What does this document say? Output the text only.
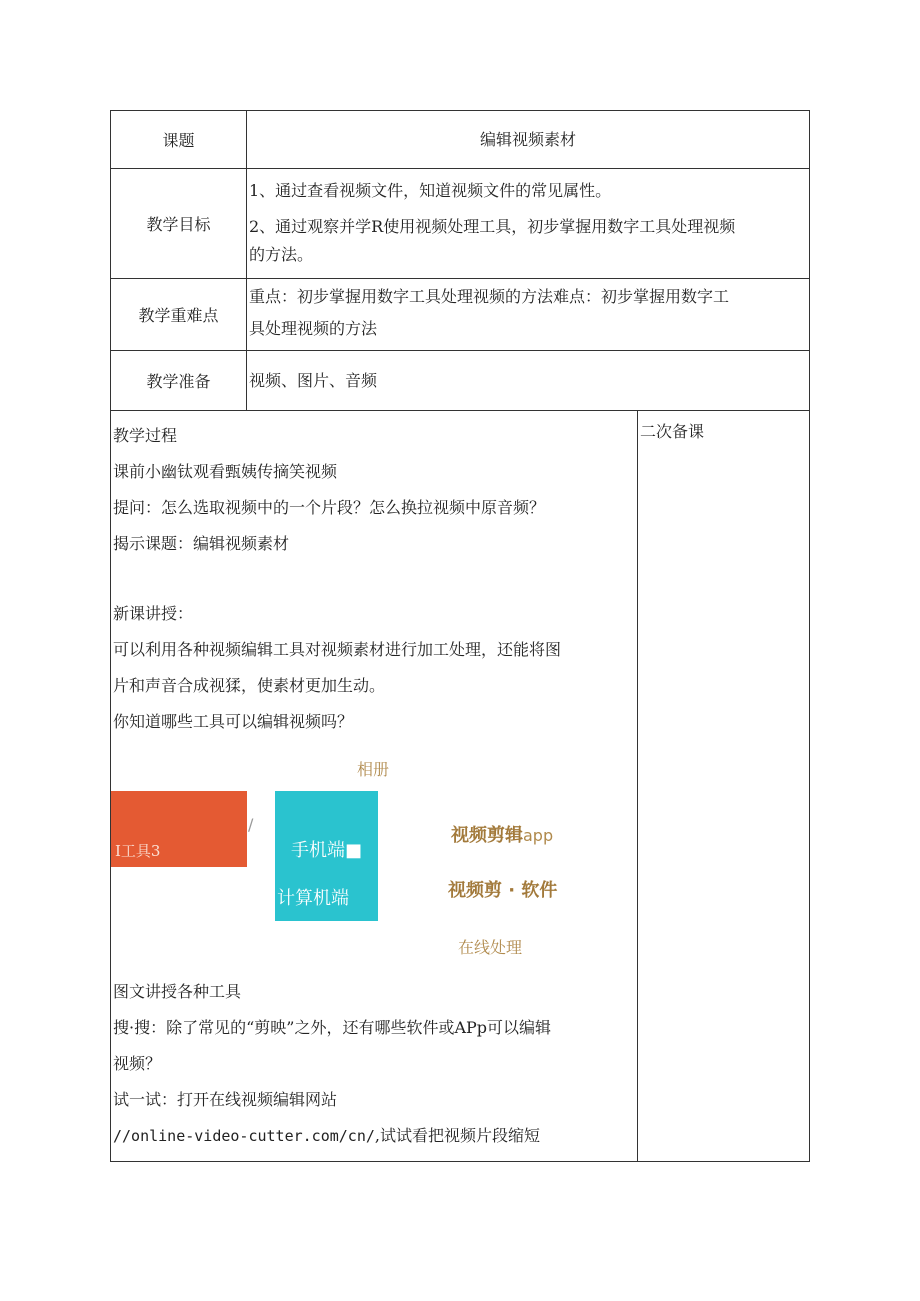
课题	编辑视频素材
教学目标
1、通过查看视频文件，知道视频文件的常见属性。
2、通过观察并学R使用视频处理工具，初步掌握用数字工具处理视频
的方法。
教学重难点
重点：初步掌握用数字工具处理视频的方法难点：初步掌握用数字工
具处理视频的方法
教学准备	视频、图片、音频
教学过程
课前小幽钛观看甄姨传摘笑视频
提问：怎么选取视频中的一个片段？怎么换拉视频中原音频？
揭示课题：编辑视频素材
新课讲授：
可以利用各种视频编辑工具对视频素材进行加工处理，还能将图
片和声音合成视猱，使素材更加生动。
你知道哪些工具可以编辑视频吗？
相册
I工具3
/
手机端■
计算机端
视频剪辑app
视频剪 · 软件
在线处理
图文讲授各种工具
搜·搜：除了常见的“剪映”之外，还有哪些软件或APp可以编辑
视频？
试一试：打开在线视频编辑网站
//online-video-cutter.com/cn/,试试看把视频片段缩短
二次备课
